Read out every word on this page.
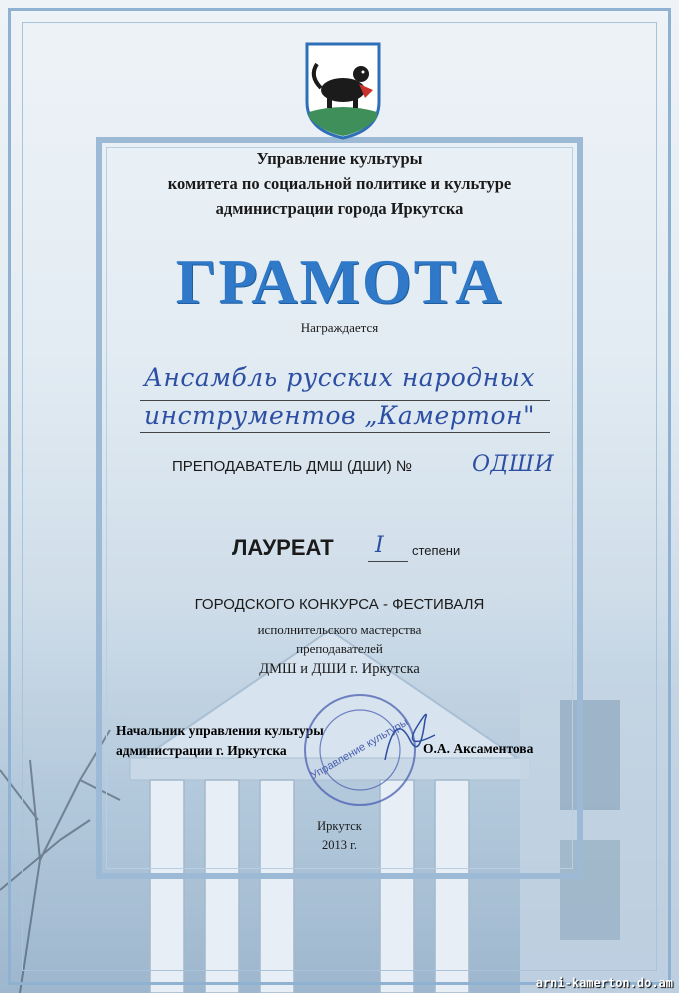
Управление культуры
комитета по социальной политике и культуре
администрации города Иркутска
ГРАМОТА
Награждается
Ансамбль русских народных
инструментов „Камертон"
ПРЕПОДАВАТЕЛЬ ДМШ (ДШИ) №	ОДШИ
ЛАУРЕАТ I степени
ГОРОДСКОГО КОНКУРСА - ФЕСТИВАЛЯ
исполнительского мастерства
преподавателей
ДМШ и ДШИ г. Иркутска
Начальник управления культуры
администрации г. Иркутска	О.А. Аксаментова
Управление культуры
Иркутск
2013 г.
arni-kamerton.do.am
